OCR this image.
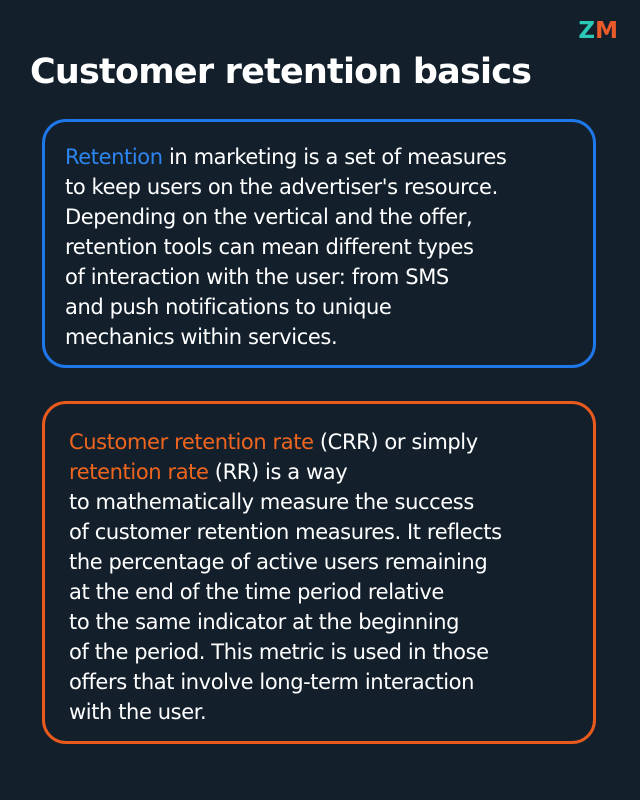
ZM
Customer retention basics

Retention in marketing is a set of measures
to keep users on the advertiser's resource.
Depending on the vertical and the offer,
retention tools can mean different types
of interaction with the user: from SMS
and push notifications to unique
mechanics within services.

Customer retention rate (CRR) or simply
retention rate (RR) is a way
to mathematically measure the success
of customer retention measures. It reflects
the percentage of active users remaining
at the end of the time period relative
to the same indicator at the beginning
of the period. This metric is used in those
offers that involve long-term interaction
with the user.
